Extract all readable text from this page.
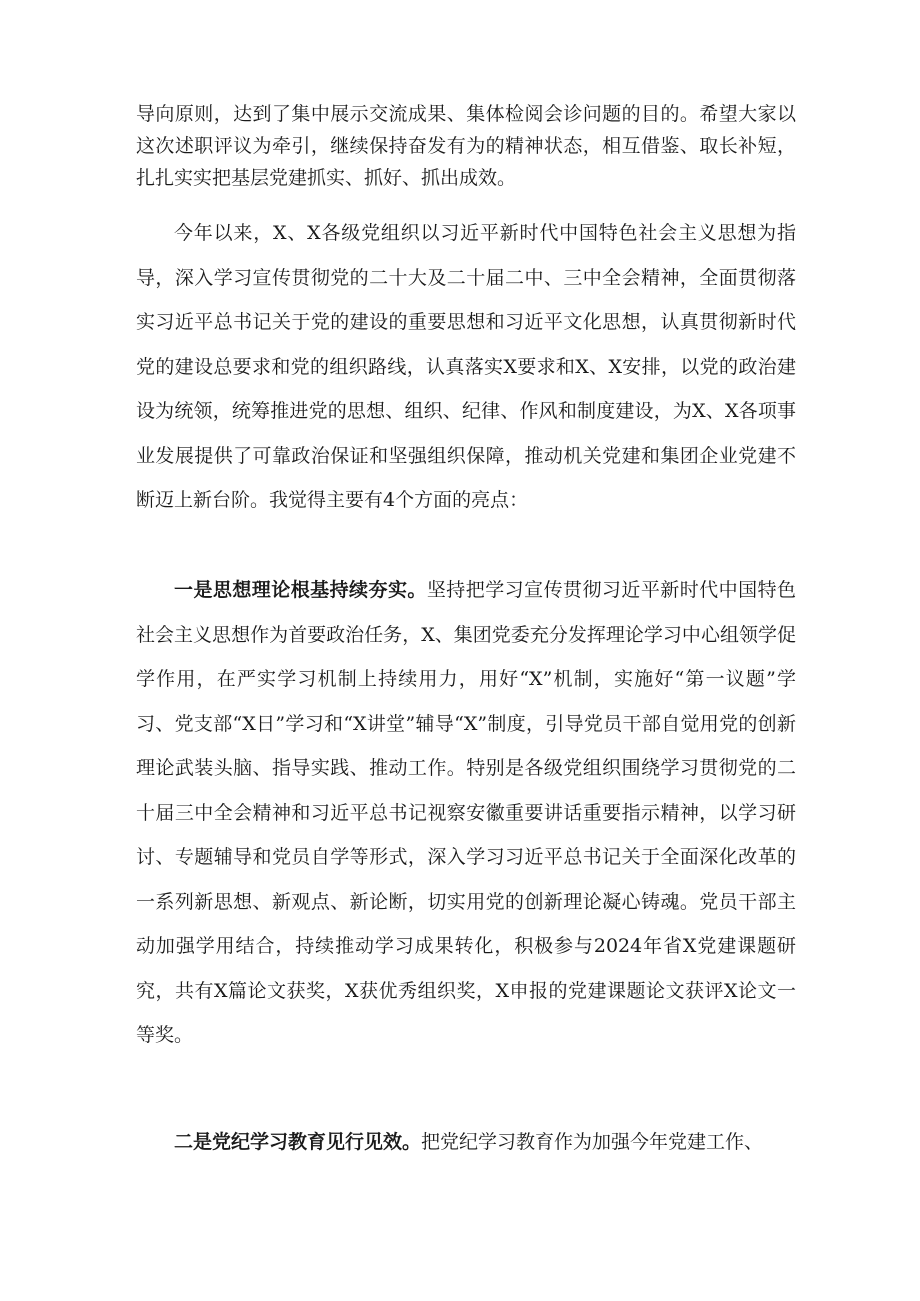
导向原则，达到了集中展示交流成果、集体检阅会诊问题的目的。希望大家以这次述职评议为牵引，继续保持奋发有为的精神状态，相互借鉴、取长补短，扎扎实实把基层党建抓实、抓好、抓出成效。

今年以来，X、X各级党组织以习近平新时代中国特色社会主义思想为指导，深入学习宣传贯彻党的二十大及二十届二中、三中全会精神，全面贯彻落实习近平总书记关于党的建设的重要思想和习近平文化思想，认真贯彻新时代党的建设总要求和党的组织路线，认真落实X要求和X、X安排，以党的政治建设为统领，统筹推进党的思想、组织、纪律、作风和制度建设，为X、X各项事业发展提供了可靠政治保证和坚强组织保障，推动机关党建和集团企业党建不断迈上新台阶。我觉得主要有4个方面的亮点：

一是思想理论根基持续夯实。坚持把学习宣传贯彻习近平新时代中国特色社会主义思想作为首要政治任务，X、集团党委充分发挥理论学习中心组领学促学作用，在严实学习机制上持续用力，用好“X”机制，实施好“第一议题”学习、党支部“X日”学习和“X讲堂”辅导“X”制度，引导党员干部自觉用党的创新理论武装头脑、指导实践、推动工作。特别是各级党组织围绕学习贯彻党的二十届三中全会精神和习近平总书记视察安徽重要讲话重要指示精神，以学习研讨、专题辅导和党员自学等形式，深入学习习近平总书记关于全面深化改革的一系列新思想、新观点、新论断，切实用党的创新理论凝心铸魂。党员干部主动加强学用结合，持续推动学习成果转化，积极参与2024年省X党建课题研究，共有X篇论文获奖，X获优秀组织奖，X申报的党建课题论文获评X论文一等奖。

二是党纪学习教育见行见效。把党纪学习教育作为加强今年党建工作、
